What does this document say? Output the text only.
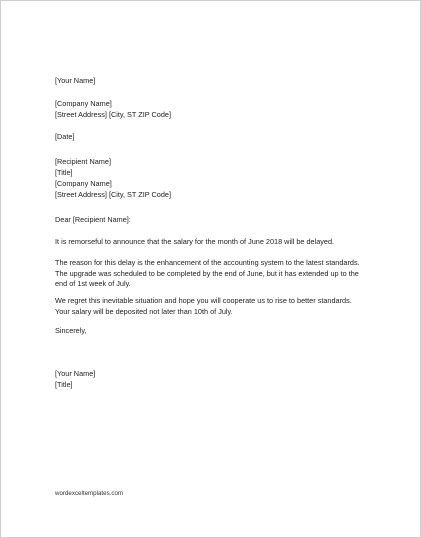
[Your Name]
[Company Name]
[Street Address] [City, ST ZIP Code]
[Date]
[Recipient Name]
[Title]
[Company Name]
[Street Address] [City, ST ZIP Code]
Dear [Recipient Name]:
It is remorseful to announce that the salary for the month of June 2018 will be delayed.
The reason for this delay is the enhancement of the accounting system to the latest standards.
The upgrade was scheduled to be completed by the end of June, but it has extended up to the
end of 1st week of July.
We regret this inevitable situation and hope you will cooperate us to rise to better standards.
Your salary will be deposited not later than 10th of July.
Sincerely,
[Your Name]
[Title]
wordexceltemplates.com
